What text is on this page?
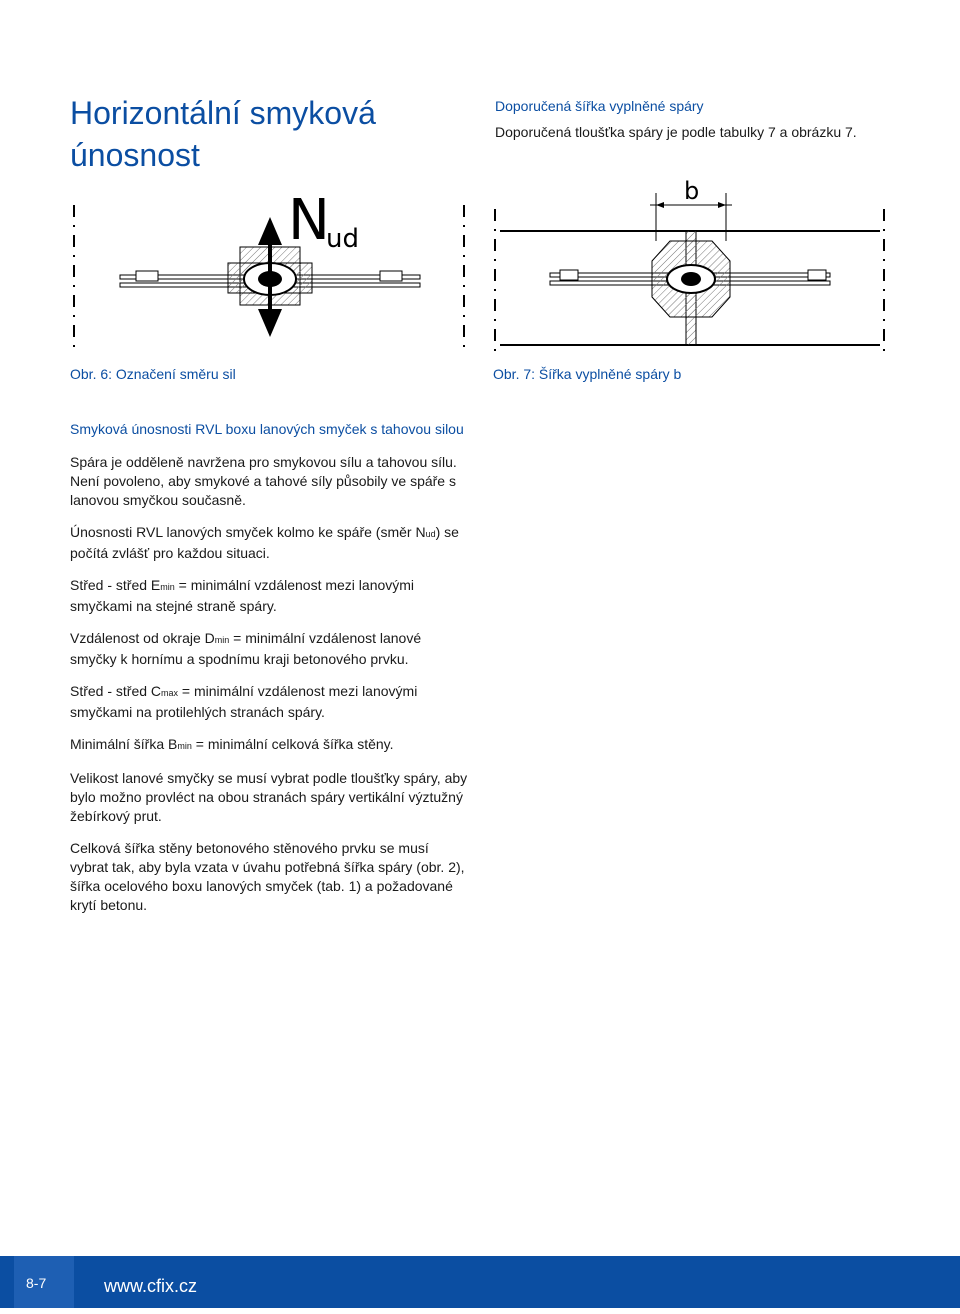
Horizontální smyková únosnost
Doporučená šířka vyplněné spáry
Doporučená tloušťka spáry je podle tabulky 7 a obrázku 7.
N
ud
b
Obr. 6: Označení směru sil	Obr. 7: Šířka vyplněné spáry b
Smyková únosnosti RVL boxu lanových smyček s tahovou silou

Spára je odděleně navržena pro smykovou sílu a tahovou sílu. Není povoleno, aby smykové a tahové síly působily ve spáře s lanovou smyčkou současně.

Únosnosti RVL lanových smyček kolmo ke spáře (směr Nud) se počítá zvlášť pro každou situaci.

Střed - střed Emin = minimální vzdálenost mezi lanovými smyčkami na stejné straně spáry.

Vzdálenost od okraje Dmin = minimální vzdálenost lanové smyčky k hornímu a spodnímu kraji betonového prvku.

Střed - střed Cmax = minimální vzdálenost mezi lanovými smyčkami na protilehlých stranách spáry.

Minimální šířka Bmin = minimální celková šířka stěny.

Velikost lanové smyčky se musí vybrat podle tloušťky spáry, aby bylo možno provléct na obou stranách spáry vertikální výztužný žebírkový prut.

Celková šířka stěny betonového stěnového prvku se musí vybrat tak, aby byla vzata v úvahu potřebná šířka spáry (obr. 2), šířka ocelového boxu lanových smyček (tab. 1) a požadované krytí betonu.

8-7	www.cfix.cz
